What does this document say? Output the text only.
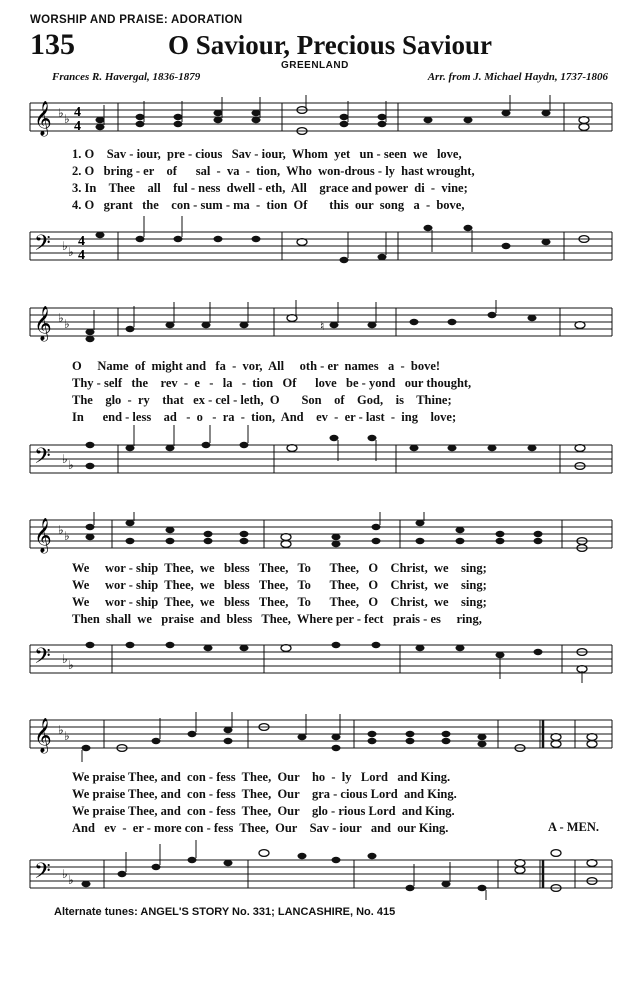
WORSHIP AND PRAISE: ADORATION
135	O Saviour, Precious Saviour
GREENLAND
Frances R. Havergal, 1836-1879	Arr. from J. Michael Haydn, 1737-1806
𝄞 ♭ ♭ 4
4
1. O    Sav - iour,  pre - cious   Sav - iour,  Whom  yet   un - seen  we   love,
2. O   bring - er    of      sal  -  va  -  tion,  Who  won-drous - ly  hast wrought,
3. In    Thee    all    ful - ness  dwell - eth,  All    grace and power  di  -  vine;
4. O   grant   the    con - sum - ma  -  tion  Of       this  our  song   a  -  bove,
𝄢 ♭ ♭
4
4
𝄞 ♭ ♭	♮
O     Name  of  might and   fa  -  vor,  All     oth - er  names   a  -  bove!
Thy - self   the    rev  -  e   -   la   -  tion   Of      love   be - yond   our thought,
The    glo  -  ry    that   ex - cel - leth,  O       Son    of    God,    is    Thine;
In      end - less    ad   -  o   -  ra  -  tion,  And    ev  -  er - last  -  ing    love;
𝄢 ♭ ♭
𝄞 ♭ ♭
We     wor - ship  Thee,  we   bless   Thee,   To      Thee,   O    Christ,  we    sing;
We     wor - ship  Thee,  we   bless   Thee,   To      Thee,   O    Christ,  we    sing;
We     wor - ship  Thee,  we   bless   Thee,   To      Thee,   O    Christ,  we    sing;
Then  shall  we   praise  and  bless   Thee,  Where per - fect   prais - es     ring,
𝄢 ♭ ♭
𝄞 ♭ ♭
We praise Thee, and  con - fess  Thee,  Our    ho  -  ly   Lord   and King.
We praise Thee, and  con - fess  Thee,  Our    gra - cious Lord  and King.
We praise Thee, and  con - fess  Thee,  Our    glo - rious Lord  and King.
And   ev  -  er - more con - fess  Thee,  Our    Sav - iour   and  our King.	A - MEN.
𝄢 ♭ ♭
Alternate tunes: ANGEL'S STORY No. 331; LANCASHIRE, No. 415
